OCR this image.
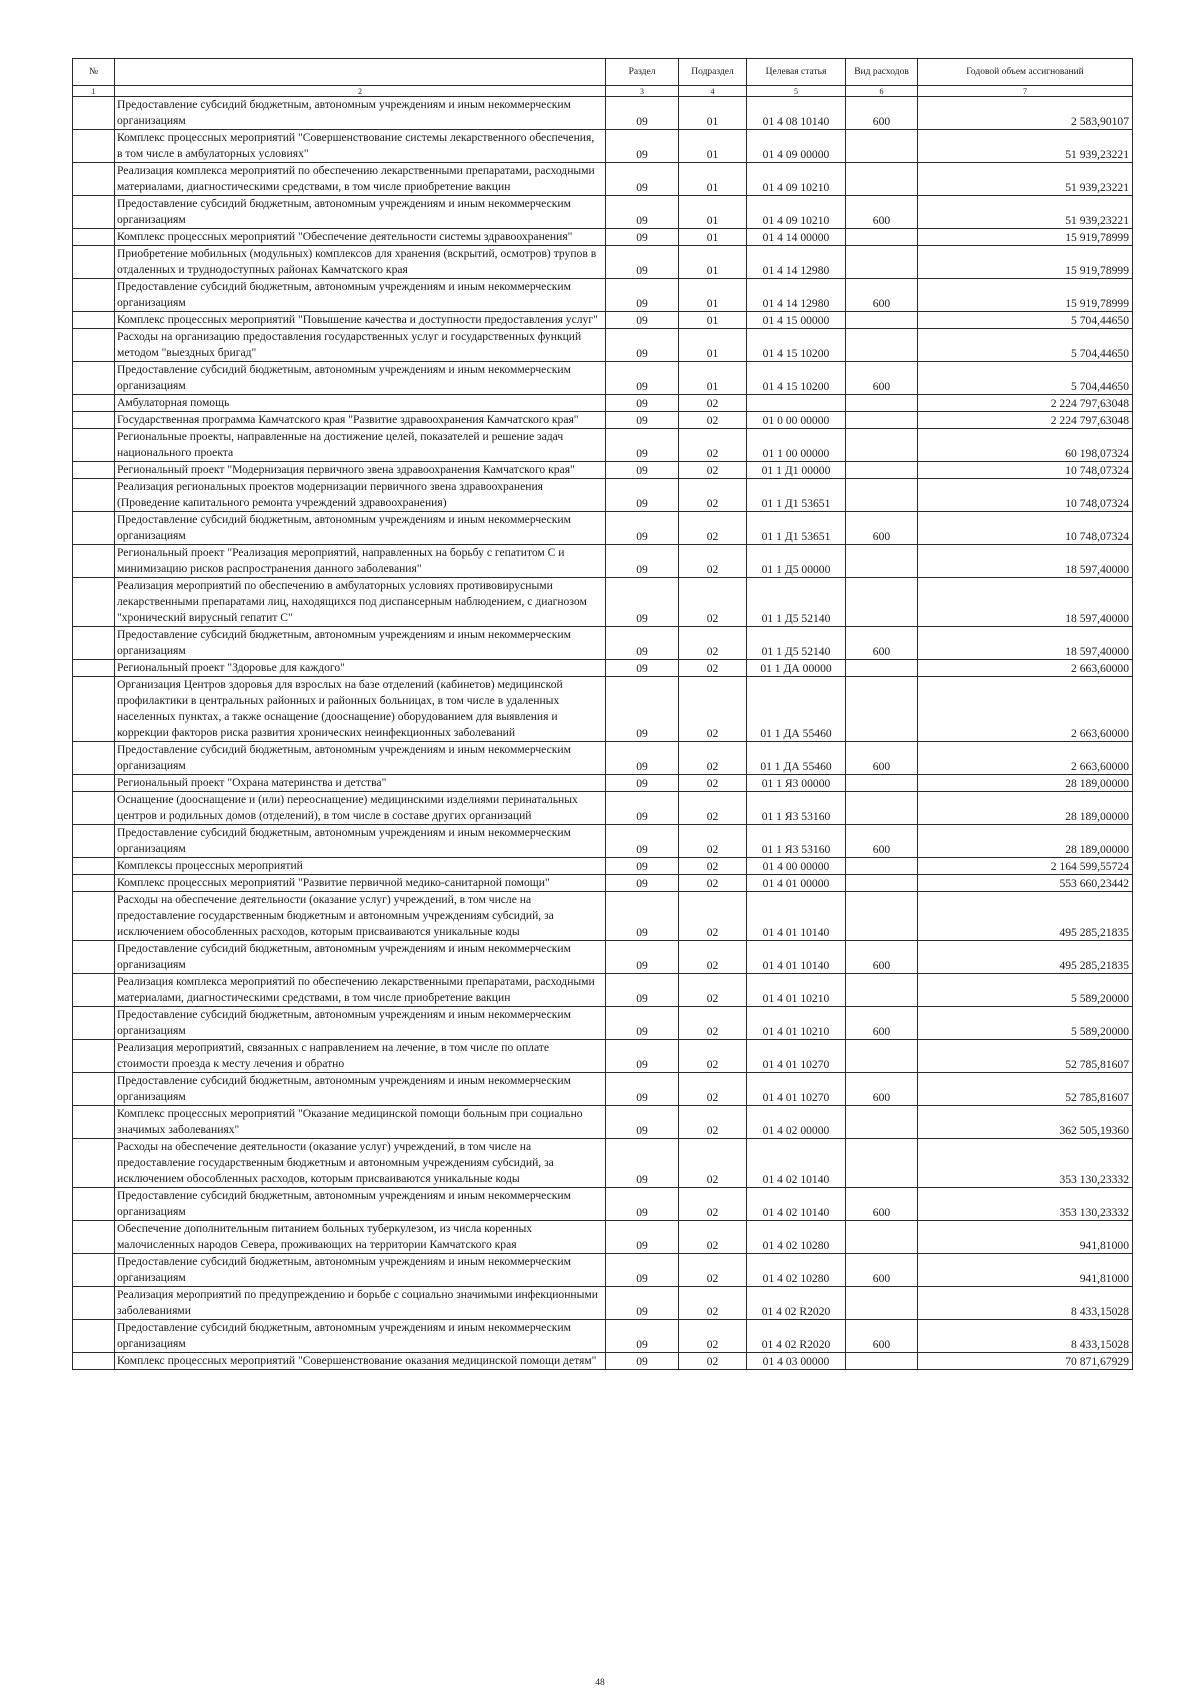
№		Раздел	Подраздел	Целевая статья	Вид расходов	Годовой объем ассигнований
1	2	3	4	5	6	7
	Предоставление субсидий бюджетным, автономным учреждениям и иным некоммерческим организациям	09	01	01 4 08 10140	600	2 583,90107
	Комплекс процессных мероприятий "Совершенствование системы лекарственного обеспечения, в том числе в амбулаторных условиях"	09	01	01 4 09 00000		51 939,23221
	Реализация комплекса мероприятий по обеспечению лекарственными препаратами, расходными материалами, диагностическими средствами, в том числе приобретение вакцин	09	01	01 4 09 10210		51 939,23221
	Предоставление субсидий бюджетным, автономным учреждениям и иным некоммерческим организациям	09	01	01 4 09 10210	600	51 939,23221
	Комплекс процессных мероприятий "Обеспечение деятельности системы здравоохранения"	09	01	01 4 14 00000		15 919,78999
	Приобретение мобильных (модульных) комплексов для хранения (вскрытий, осмотров) трупов в отдаленных и труднодоступных районах Камчатского края	09	01	01 4 14 12980		15 919,78999
	Предоставление субсидий бюджетным, автономным учреждениям и иным некоммерческим организациям	09	01	01 4 14 12980	600	15 919,78999
	Комплекс процессных мероприятий "Повышение качества и доступности предоставления услуг"	09	01	01 4 15 00000		5 704,44650
	Расходы на организацию предоставления государственных услуг и государственных функций методом "выездных бригад"	09	01	01 4 15 10200		5 704,44650
	Предоставление субсидий бюджетным, автономным учреждениям и иным некоммерческим организациям	09	01	01 4 15 10200	600	5 704,44650
	Амбулаторная помощь	09	02			2 224 797,63048
	Государственная программа Камчатского края "Развитие здравоохранения Камчатского края"	09	02	01 0 00 00000		2 224 797,63048
	Региональные проекты, направленные на достижение целей, показателей и решение задач национального проекта	09	02	01 1 00 00000		60 198,07324
	Региональный проект "Модернизация первичного звена здравоохранения Камчатского края"	09	02	01 1 Д1 00000		10 748,07324
	Реализация региональных проектов модернизации первичного звена здравоохранения (Проведение капитального ремонта учреждений здравоохранения)	09	02	01 1 Д1 53651		10 748,07324
	Предоставление субсидий бюджетным, автономным учреждениям и иным некоммерческим организациям	09	02	01 1 Д1 53651	600	10 748,07324
	Региональный проект "Реализация мероприятий, направленных на борьбу с гепатитом С и минимизацию рисков распространения данного заболевания"	09	02	01 1 Д5 00000		18 597,40000
	Реализация мероприятий по обеспечению в амбулаторных условиях противовирусными лекарственными препаратами лиц, находящихся под диспансерным наблюдением, с диагнозом "хронический вирусный гепатит С"	09	02	01 1 Д5 52140		18 597,40000
	Предоставление субсидий бюджетным, автономным учреждениям и иным некоммерческим организациям	09	02	01 1 Д5 52140	600	18 597,40000
	Региональный проект "Здоровье для каждого"	09	02	01 1 ДА 00000		2 663,60000
	Организация Центров здоровья для взрослых на базе отделений (кабинетов) медицинской профилактики в центральных районных и районных больницах, в том числе в удаленных населенных пунктах, а также оснащение (дооснащение) оборудованием для выявления и коррекции факторов риска развития хронических неинфекционных заболеваний	09	02	01 1 ДА 55460		2 663,60000
	Предоставление субсидий бюджетным, автономным учреждениям и иным некоммерческим организациям	09	02	01 1 ДА 55460	600	2 663,60000
	Региональный проект "Охрана материнства и детства"	09	02	01 1 Я3 00000		28 189,00000
	Оснащение (дооснащение и (или) переоснащение) медицинскими изделиями перинатальных центров и родильных домов (отделений), в том числе в составе других организаций	09	02	01 1 Я3 53160		28 189,00000
	Предоставление субсидий бюджетным, автономным учреждениям и иным некоммерческим организациям	09	02	01 1 Я3 53160	600	28 189,00000
	Комплексы процессных мероприятий	09	02	01 4 00 00000		2 164 599,55724
	Комплекс процессных мероприятий "Развитие первичной медико-санитарной помощи"	09	02	01 4 01 00000		553 660,23442
	Расходы на обеспечение деятельности (оказание услуг) учреждений, в том числе на предоставление государственным бюджетным и автономным учреждениям субсидий, за исключением обособленных расходов, которым присваиваются уникальные коды	09	02	01 4 01 10140		495 285,21835
	Предоставление субсидий бюджетным, автономным учреждениям и иным некоммерческим организациям	09	02	01 4 01 10140	600	495 285,21835
	Реализация комплекса мероприятий по обеспечению лекарственными препаратами, расходными материалами, диагностическими средствами, в том числе приобретение вакцин	09	02	01 4 01 10210		5 589,20000
	Предоставление субсидий бюджетным, автономным учреждениям и иным некоммерческим организациям	09	02	01 4 01 10210	600	5 589,20000
	Реализация мероприятий, связанных с направлением на лечение, в том числе по оплате стоимости проезда к месту лечения и обратно	09	02	01 4 01 10270		52 785,81607
	Предоставление субсидий бюджетным, автономным учреждениям и иным некоммерческим организациям	09	02	01 4 01 10270	600	52 785,81607
	Комплекс процессных мероприятий "Оказание медицинской помощи больным при социально значимых заболеваниях"	09	02	01 4 02 00000		362 505,19360
	Расходы на обеспечение деятельности (оказание услуг) учреждений, в том числе на предоставление государственным бюджетным и автономным учреждениям субсидий, за исключением обособленных расходов, которым присваиваются уникальные коды	09	02	01 4 02 10140		353 130,23332
	Предоставление субсидий бюджетным, автономным учреждениям и иным некоммерческим организациям	09	02	01 4 02 10140	600	353 130,23332
	Обеспечение дополнительным питанием больных туберкулезом, из числа коренных малочисленных народов Севера, проживающих на территории Камчатского края	09	02	01 4 02 10280		941,81000
	Предоставление субсидий бюджетным, автономным учреждениям и иным некоммерческим организациям	09	02	01 4 02 10280	600	941,81000
	Реализация мероприятий по предупреждению и борьбе с социально значимыми инфекционными заболеваниями	09	02	01 4 02 R2020		8 433,15028
	Предоставление субсидий бюджетным, автономным учреждениям и иным некоммерческим организациям	09	02	01 4 02 R2020	600	8 433,15028
	Комплекс процессных мероприятий "Совершенствование оказания медицинской помощи детям"	09	02	01 4 03 00000		70 871,67929
48
